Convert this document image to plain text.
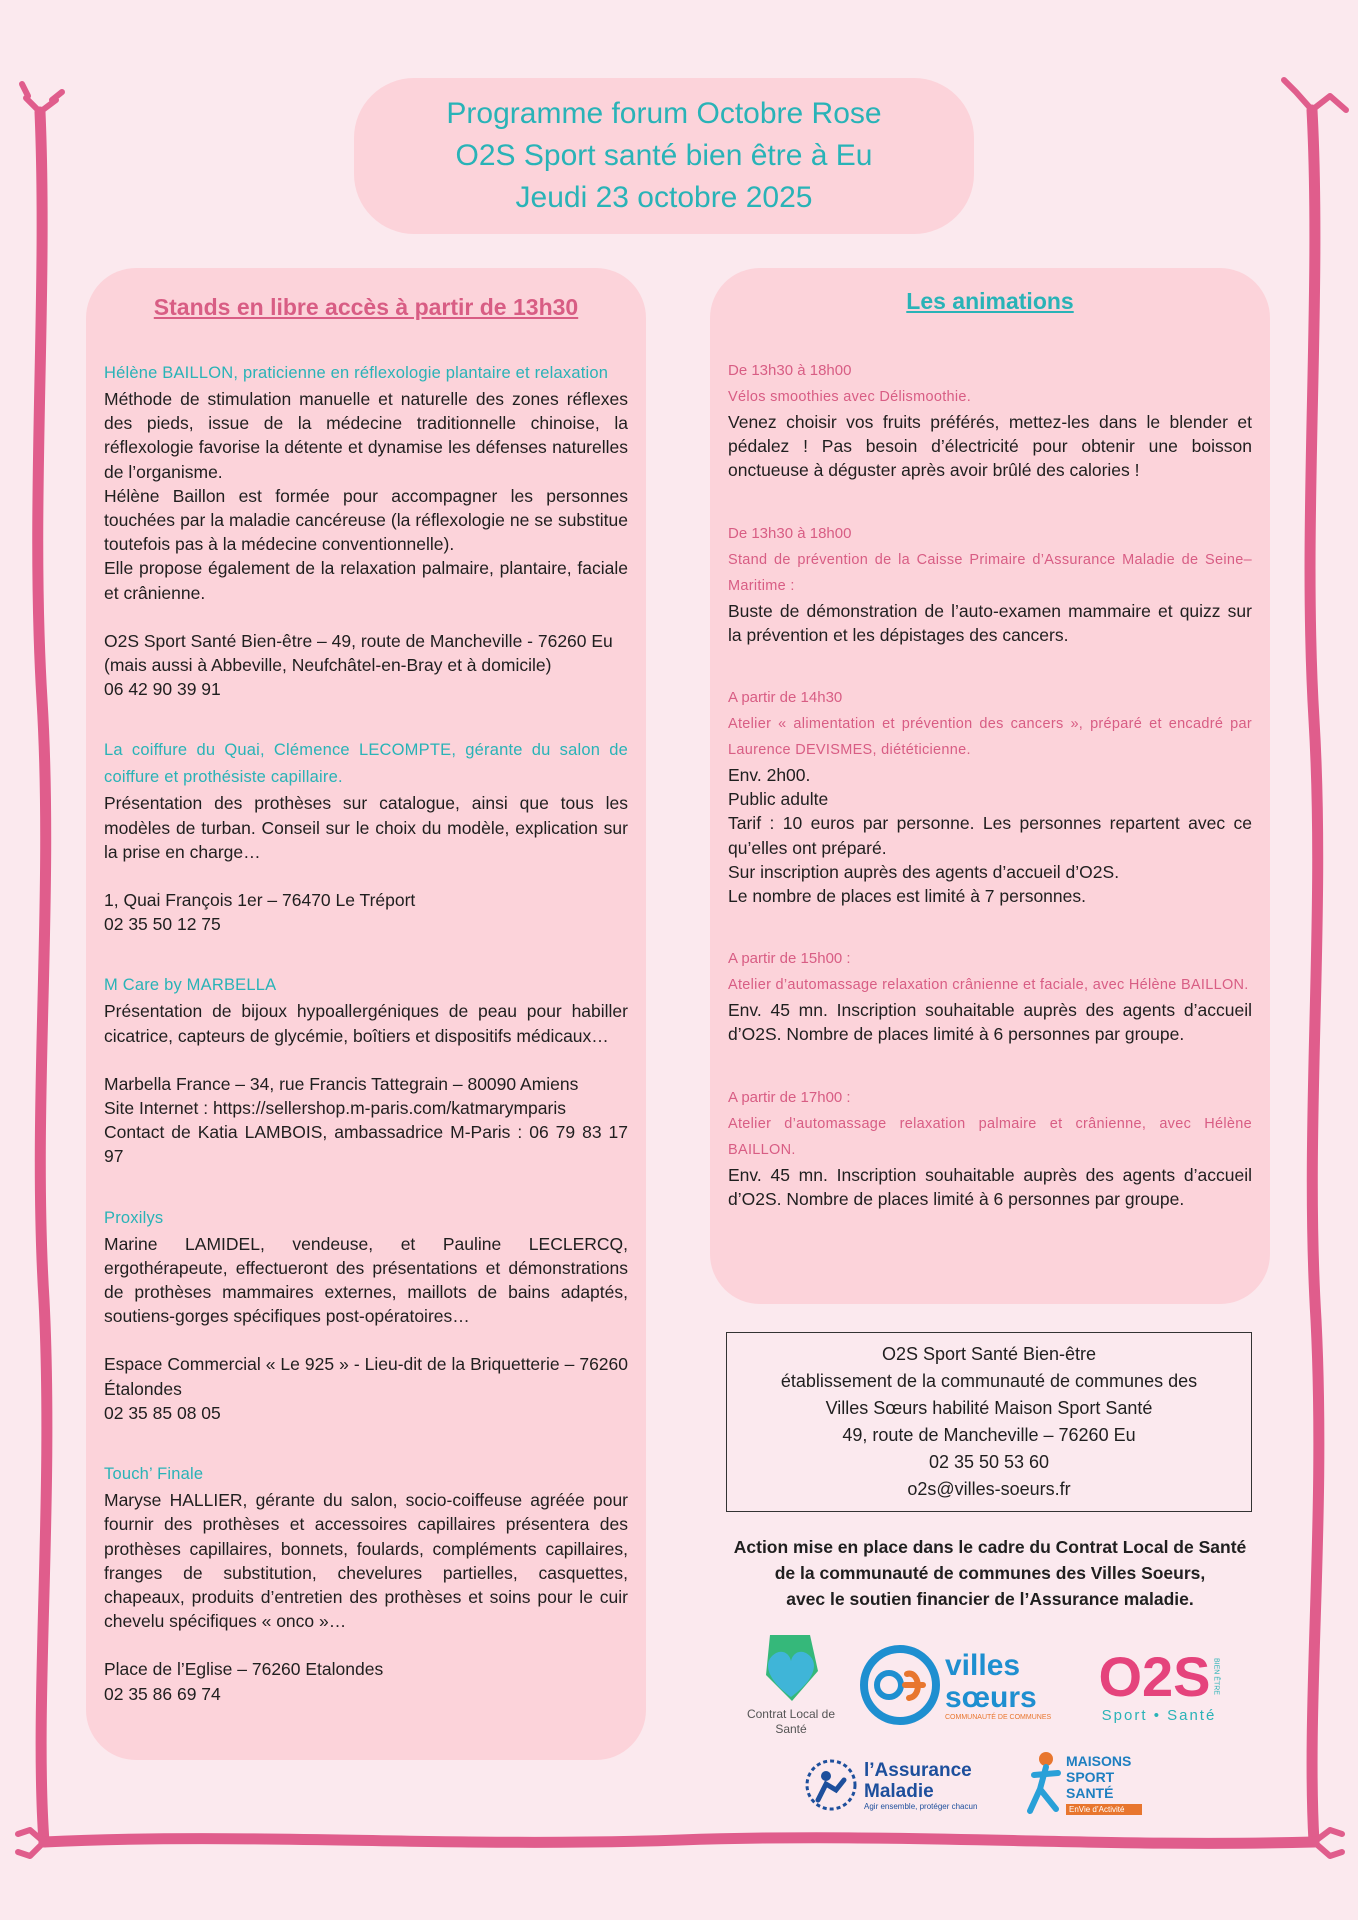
Programme forum Octobre Rose
O2S Sport santé bien être à Eu
Jeudi 23 octobre 2025
Stands en libre accès à partir de 13h30
Hélène BAILLON, praticienne en réflexologie plantaire et relaxation

Méthode de stimulation manuelle et naturelle des zones réflexes des pieds, issue de la médecine traditionnelle chinoise, la réflexologie favorise la détente et dynamise les défenses naturelles de l’organisme.

Hélène Baillon est formée pour accompagner les personnes touchées par la maladie cancéreuse (la réflexologie ne se substitue toutefois pas à la médecine conventionnelle).

Elle propose également de la relaxation palmaire, plantaire, faciale et crânienne.

O2S Sport Santé Bien-être – 49, route de Mancheville - 76260 Eu

(mais aussi à Abbeville, Neufchâtel-en-Bray et à domicile)

06 42 90 39 91

La coiffure du Quai, Clémence LECOMPTE, gérante du salon de coiffure et prothésiste capillaire.

Présentation des prothèses sur catalogue, ainsi que tous les modèles de turban. Conseil sur le choix du modèle, explication sur la prise en charge…

1, Quai François 1er – 76470 Le Tréport

02 35 50 12 75

M Care by MARBELLA

Présentation de bijoux hypoallergéniques de peau pour habiller cicatrice, capteurs de glycémie, boîtiers et dispositifs médicaux…

Marbella France – 34, rue Francis Tattegrain – 80090 Amiens

Site Internet : https://sellershop.m-paris.com/katmarymparis

Contact de Katia LAMBOIS, ambassadrice M-Paris : 06 79 83 17 97

Proxilys

Marine LAMIDEL, vendeuse, et Pauline LECLERCQ, ergothérapeute, effectueront des présentations et démonstrations de prothèses mammaires externes, maillots de bains adaptés, soutiens-gorges spécifiques post-opératoires…

Espace Commercial « Le 925 » - Lieu-dit de la Briquetterie – 76260 Étalondes

02 35 85 08 05

Touch’ Finale

Maryse HALLIER, gérante du salon, socio-coiffeuse agréée pour fournir des prothèses et accessoires capillaires présentera des prothèses capillaires, bonnets, foulards, compléments capillaires, franges de substitution, chevelures partielles, casquettes, chapeaux, produits d’entretien des prothèses et soins pour le cuir chevelu spécifiques « onco »…

Place de l’Eglise – 76260 Etalondes

02 35 86 69 74

Les animations
De 13h30 à 18h00
Vélos smoothies avec Délismoothie.

Venez choisir vos fruits préférés, mettez-les dans le blender et pédalez ! Pas besoin d’électricité pour obtenir une boisson onctueuse à déguster après avoir brûlé des calories !

De 13h30 à 18h00
Stand de prévention de la Caisse Primaire d’Assurance Maladie de Seine–Maritime :

Buste de démonstration de l’auto-examen mammaire et quizz sur la prévention et les dépistages des cancers.

A partir de 14h30
Atelier « alimentation et prévention des cancers », préparé et encadré par Laurence DEVISMES, diététicienne.

Env. 2h00.

Public adulte

Tarif : 10 euros par personne. Les personnes repartent avec ce qu’elles ont préparé.

Sur inscription auprès des agents d’accueil d’O2S.

Le nombre de places est limité à 7 personnes.

A partir de 15h00 :
Atelier d’automassage relaxation crânienne et faciale, avec Hélène BAILLON.

Env. 45 mn. Inscription souhaitable auprès des agents d’accueil d’O2S. Nombre de places limité à 6 personnes par groupe.

A partir de 17h00 :
Atelier d’automassage relaxation palmaire et crânienne, avec Hélène BAILLON.

Env. 45 mn. Inscription souhaitable auprès des agents d’accueil d’O2S. Nombre de places limité à 6 personnes par groupe.

O2S Sport Santé Bien-être
établissement de la communauté de communes des
Villes Sœurs habilité Maison Sport Santé
49, route de Mancheville – 76260 Eu
02 35 50 53 60
o2s@villes-soeurs.fr
Action mise en place dans le cadre du Contrat Local de Santé
de la communauté de communes des Villes Soeurs,
avec le soutien financier de l’Assurance maladie.
Contrat Local de Santé
villes sœurs
COMMUNAUTÉ DE COMMUNES
O2S BIEN ÊTRE
Sport • Santé
l’Assurance Maladie
Agir ensemble, protéger chacun
MAISONS SPORT SANTÉ
EnVie d’Activité
